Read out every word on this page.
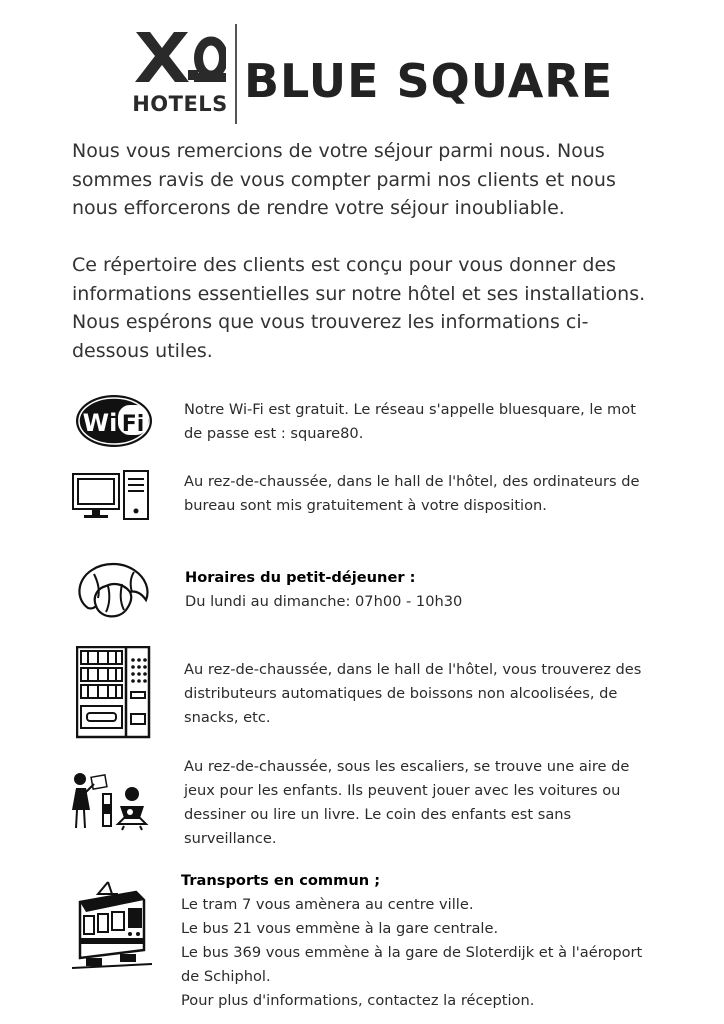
HOTELS BLUE SQUARE
Nous vous remercions de votre séjour parmi nous. Nous sommes ravis de vous compter parmi nos clients et nous nous efforcerons de rendre votre séjour inoubliable.
Ce répertoire des clients est conçu pour vous donner des informations essentielles sur notre hôtel et ses installations. Nous espérons que vous trouverez les informations ci-dessous utiles.
Wi Fi
Notre Wi-Fi est gratuit. Le réseau s'appelle bluesquare, le mot de passe est : square80.
Au rez-de-chaussée, dans le hall de l'hôtel, des ordinateurs de bureau sont mis gratuitement à votre disposition.
Horaires du petit-déjeuner :
Du lundi au dimanche: 07h00 - 10h30
Au rez-de-chaussée, dans le hall de l'hôtel, vous trouverez des distributeurs automatiques de boissons non alcoolisées, de snacks, etc.
Au rez-de-chaussée, sous les escaliers, se trouve une aire de jeux pour les enfants. Ils peuvent jouer avec les voitures ou dessiner ou lire un livre. Le coin des enfants est sans surveillance.
Transports en commun ;
Le tram 7 vous amènera au centre ville.
Le bus 21 vous emmène à la gare centrale.
Le bus 369 vous emmène à la gare de Sloterdijk et à l'aéroport de Schiphol.
Pour plus d'informations, contactez la réception.
